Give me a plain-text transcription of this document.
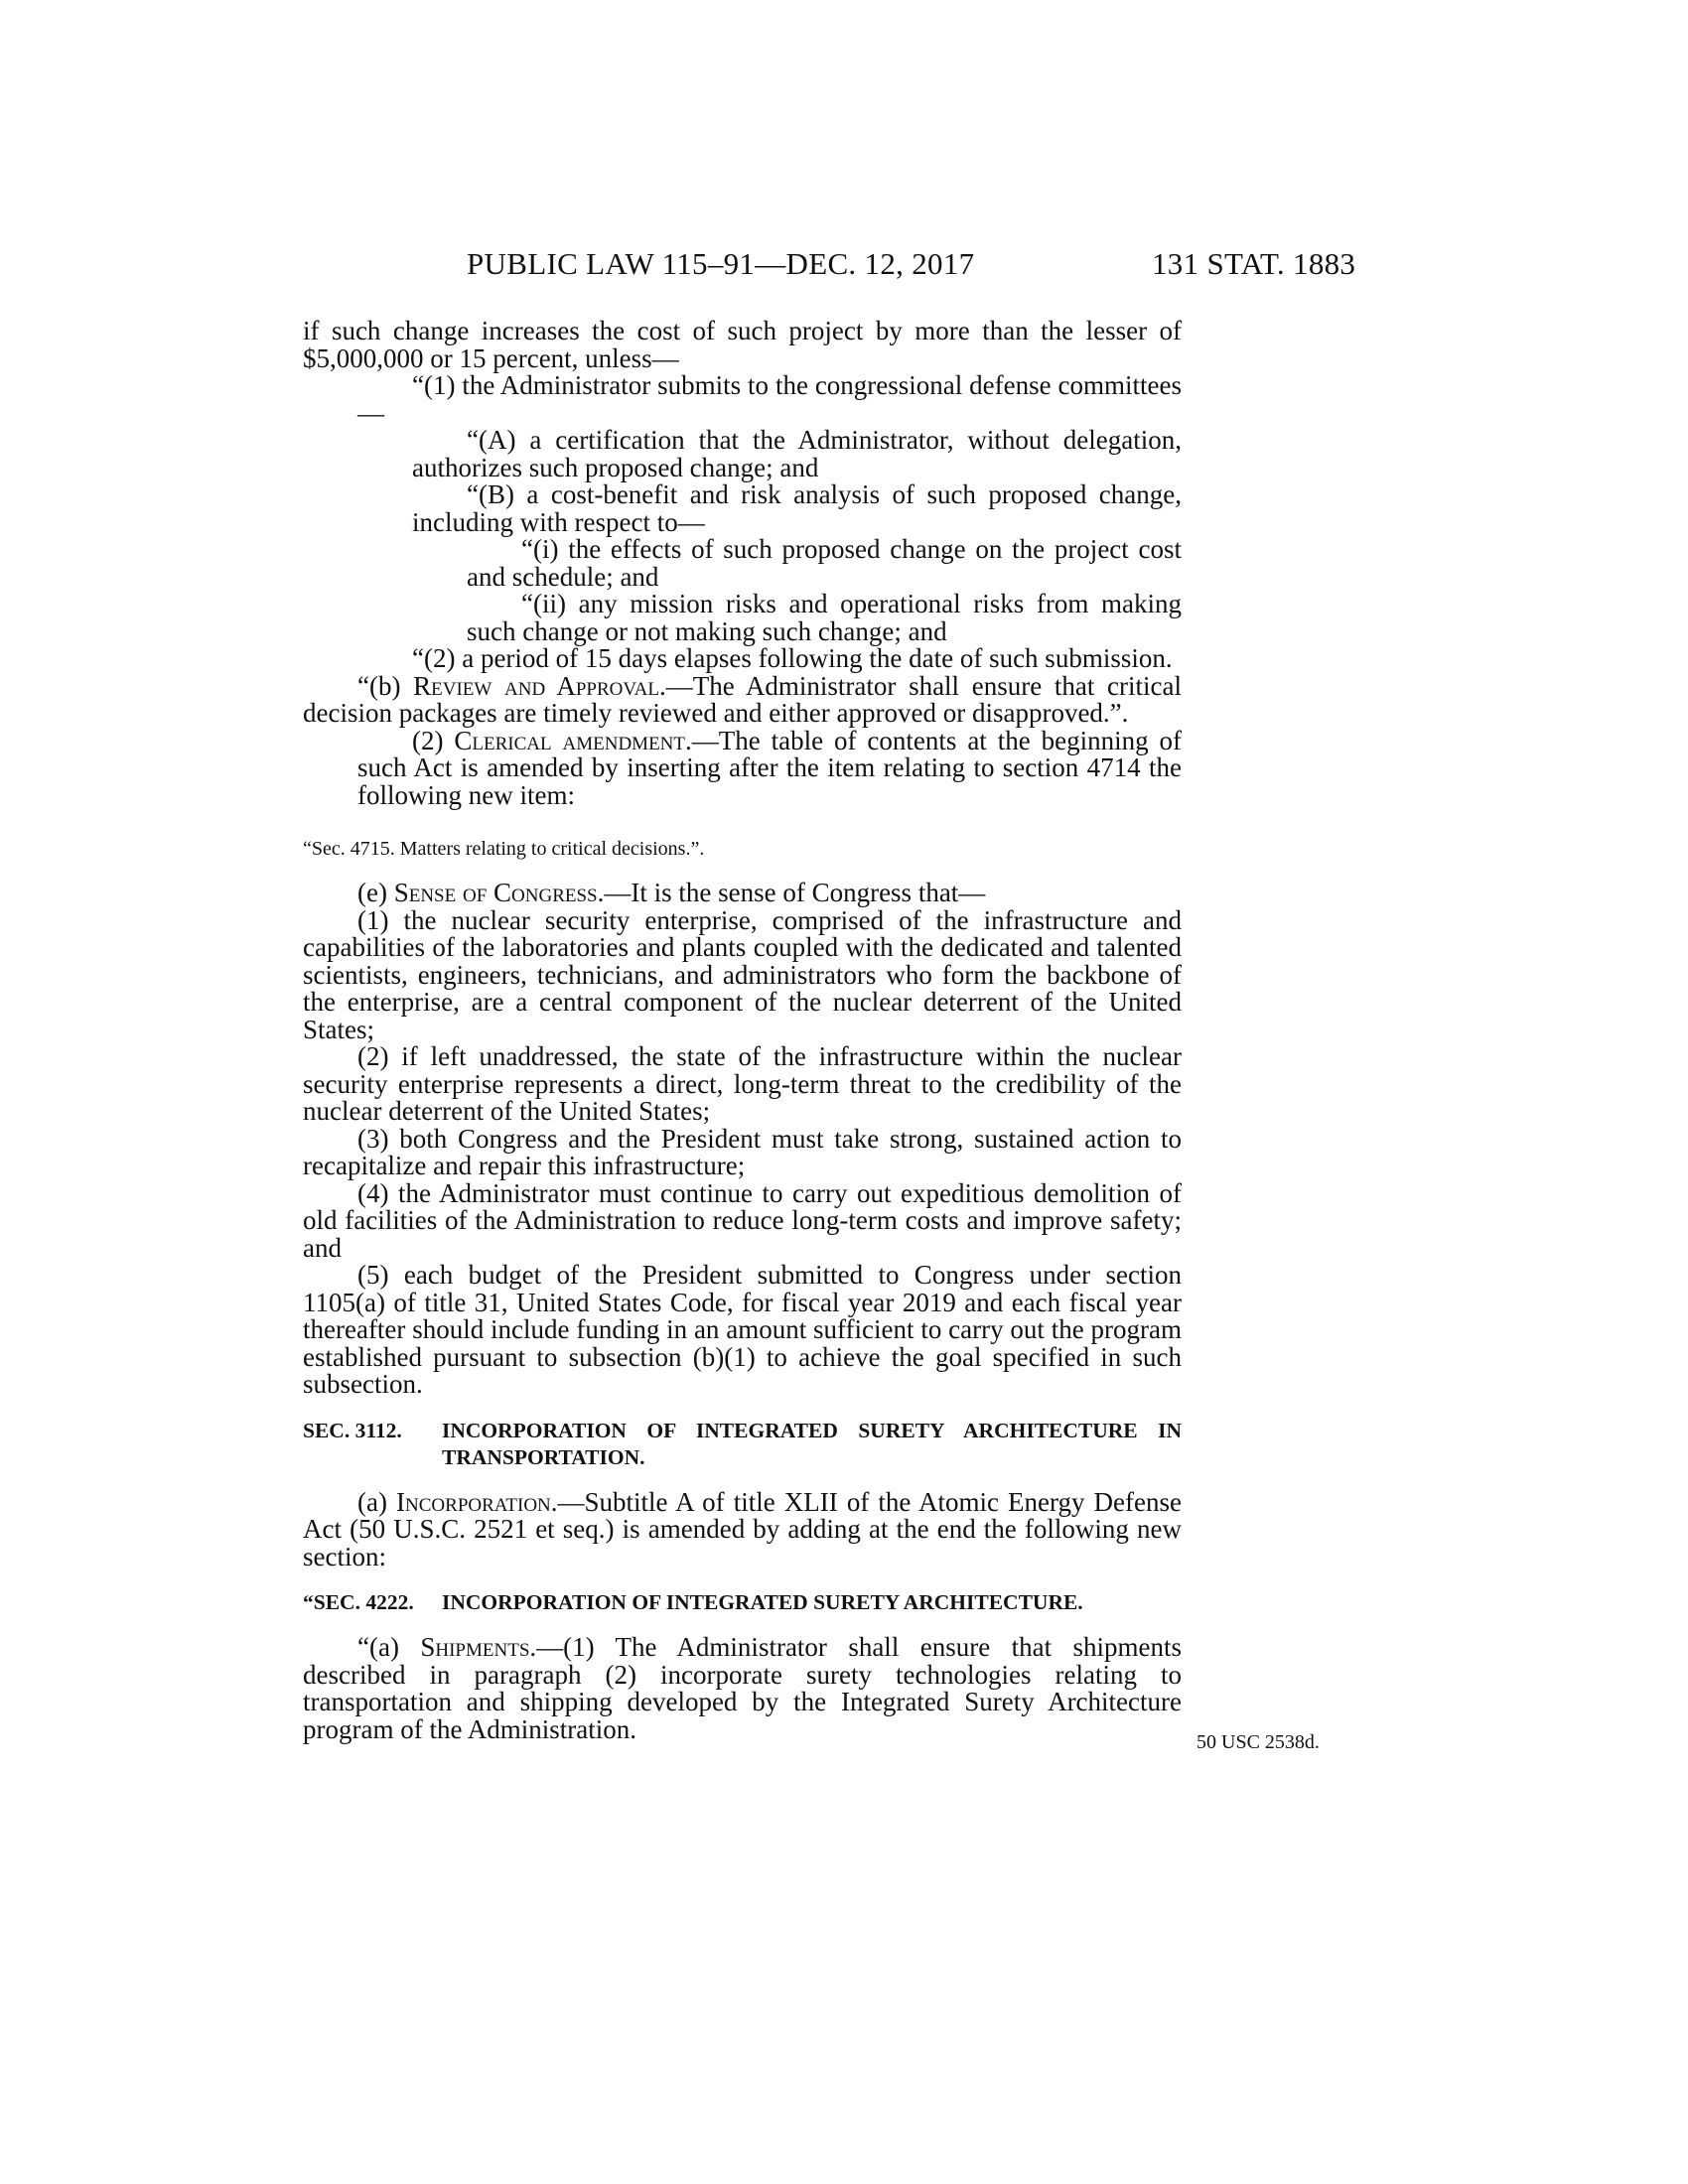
PUBLIC LAW 115–91—DEC. 12, 2017	131 STAT. 1883
50 USC 2538d.

if such change increases the cost of such project by more than the lesser of $5,000,000 or 15 percent, unless—

“(1) the Administrator submits to the congressional defense committees—

“(A) a certification that the Administrator, without delegation, authorizes such proposed change; and

“(B) a cost-benefit and risk analysis of such proposed change, including with respect to—

“(i) the effects of such proposed change on the project cost and schedule; and

“(ii) any mission risks and operational risks from making such change or not making such change; and

“(2) a period of 15 days elapses following the date of such submission.

“(b) Review and Approval.—The Administrator shall ensure that critical decision packages are timely reviewed and either approved or disapproved.”.

(2) Clerical amendment.—The table of contents at the beginning of such Act is amended by inserting after the item relating to section 4714 the following new item:

“Sec. 4715. Matters relating to critical decisions.”.

(e) Sense of Congress.—It is the sense of Congress that—

(1) the nuclear security enterprise, comprised of the infrastructure and capabilities of the laboratories and plants coupled with the dedicated and talented scientists, engineers, technicians, and administrators who form the backbone of the enterprise, are a central component of the nuclear deterrent of the United States;

(2) if left unaddressed, the state of the infrastructure within the nuclear security enterprise represents a direct, long-term threat to the credibility of the nuclear deterrent of the United States;

(3) both Congress and the President must take strong, sustained action to recapitalize and repair this infrastructure;

(4) the Administrator must continue to carry out expeditious demolition of old facilities of the Administration to reduce long-term costs and improve safety; and

(5) each budget of the President submitted to Congress under section 1105(a) of title 31, United States Code, for fiscal year 2019 and each fiscal year thereafter should include funding in an amount sufficient to carry out the program established pursuant to subsection (b)(1) to achieve the goal specified in such subsection.

SEC. 3112. INCORPORATION OF INTEGRATED SURETY ARCHITECTURE IN TRANSPORTATION.

(a) Incorporation.—Subtitle A of title XLII of the Atomic Energy Defense Act (50 U.S.C. 2521 et seq.) is amended by adding at the end the following new section:

“SEC. 4222. INCORPORATION OF INTEGRATED SURETY ARCHITECTURE.

“(a) Shipments.—(1) The Administrator shall ensure that shipments described in paragraph (2) incorporate surety technologies relating to transportation and shipping developed by the Integrated Surety Architecture program of the Administration.
